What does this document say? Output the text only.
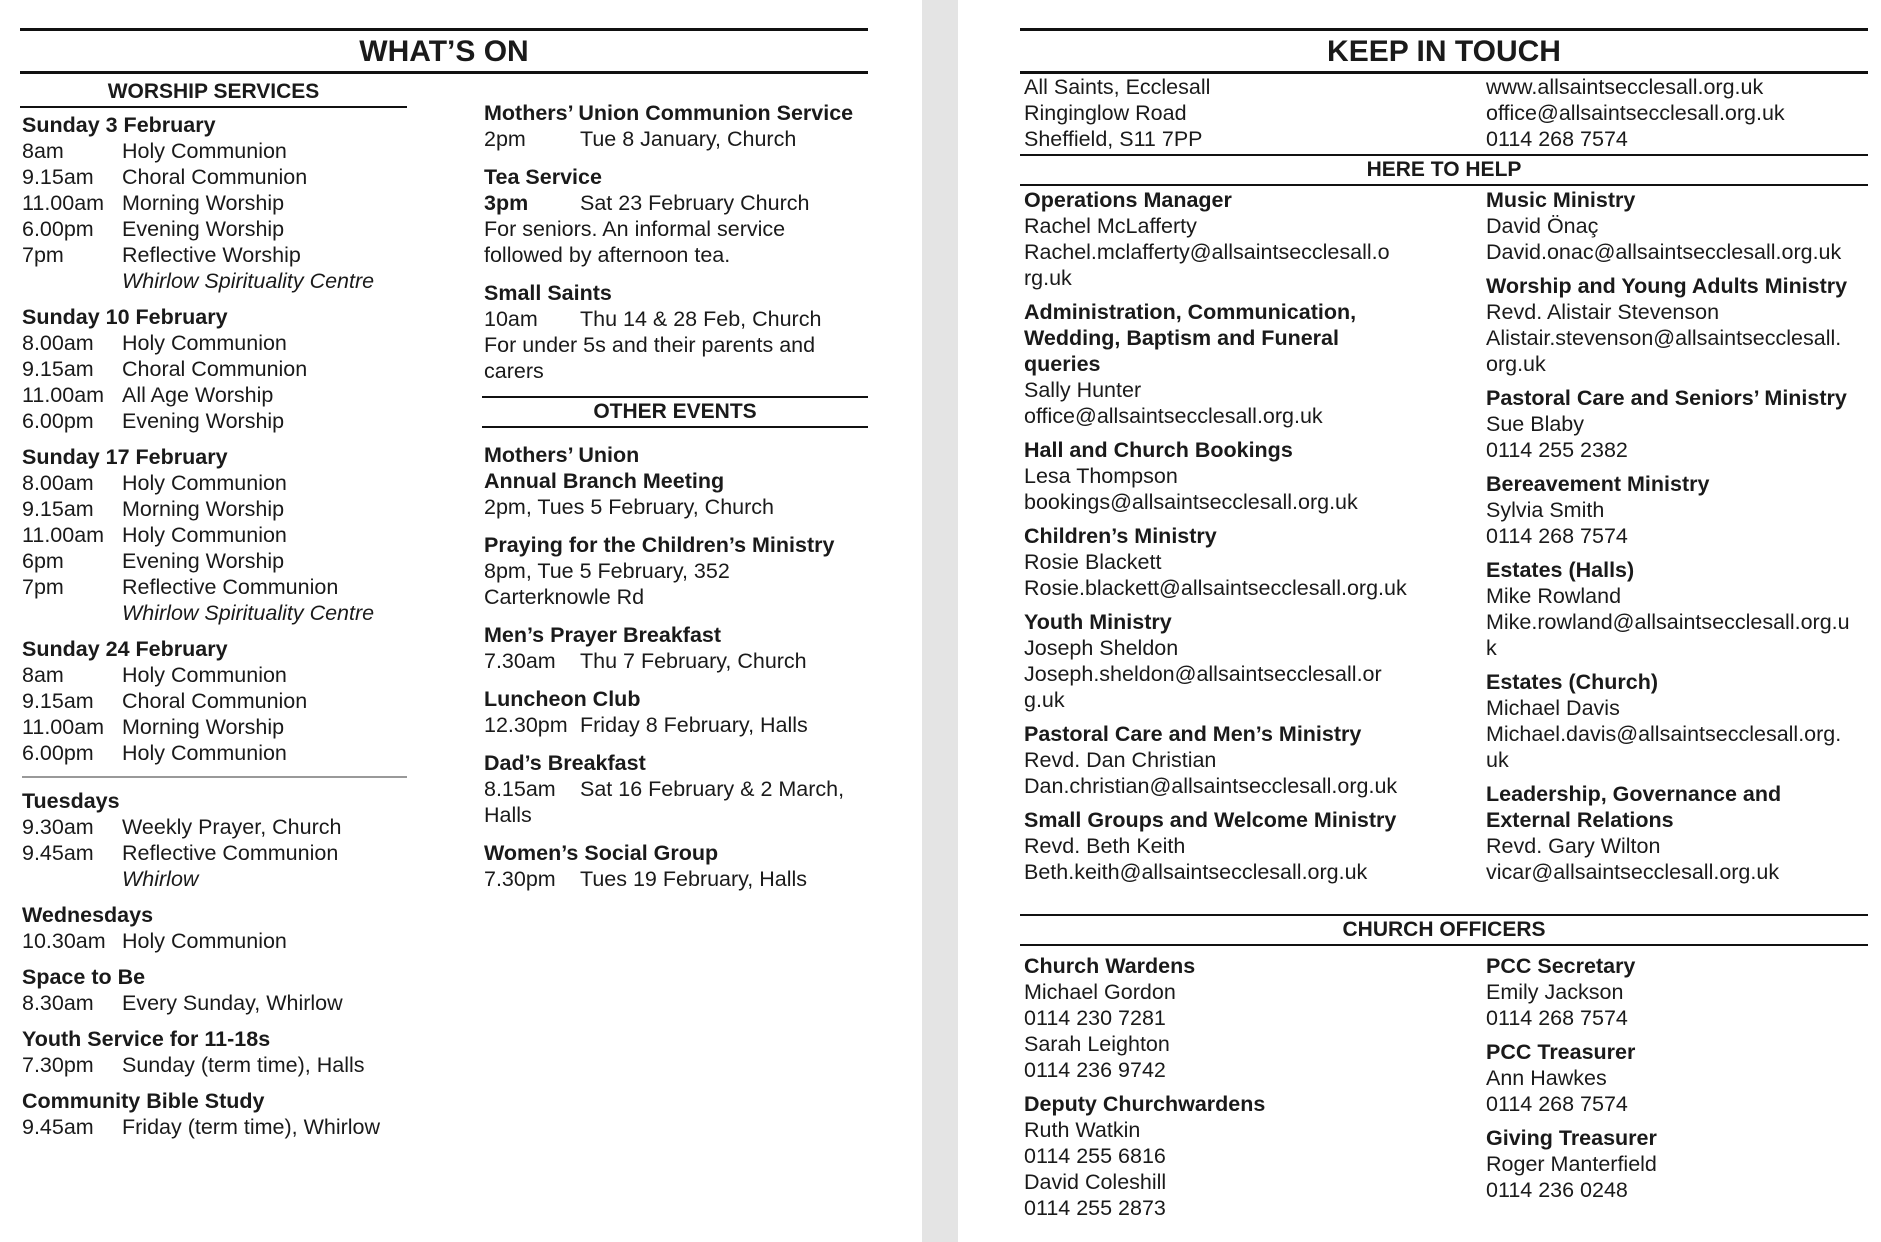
WHAT’S ON
WORSHIP SERVICES
Sunday 3 February
8am	Holy Communion
9.15am	Choral Communion
11.00am Morning Worship
6.00pm	Evening Worship
7pm	Reflective Worship
Whirlow Spirituality Centre
Sunday 10 February
8.00am	Holy Communion
9.15am	Choral Communion
11.00am All Age Worship
6.00pm	Evening Worship
Sunday 17 February
8.00am	Holy Communion
9.15am	Morning Worship
11.00am Holy Communion
6pm	Evening Worship
7pm	Reflective Communion
Whirlow Spirituality Centre
Sunday 24 February
8am	Holy Communion
9.15am	Choral Communion
11.00am Morning Worship
6.00pm	Holy Communion
Tuesdays
9.30am	Weekly Prayer, Church
9.45am	Reflective Communion
Whirlow
Wednesdays
10.30am Holy Communion
Space to Be
8.30am	Every Sunday, Whirlow
Youth Service for 11-18s
7.30pm	Sunday (term time), Halls
Community Bible Study
9.45am	Friday (term time), Whirlow
Mothers’ Union Communion Service
2pm	Tue 8 January, Church
Tea Service
3pm	Sat 23 February Church
For seniors. An informal service followed by afternoon tea.
Small Saints
10am	Thu 14 & 28 Feb, Church
For under 5s and their parents and carers
OTHER EVENTS
Mothers’ Union
Annual Branch Meeting
2pm, Tues 5 February, Church
Praying for the Children’s Ministry
8pm, Tue 5 February, 352
Carterknowle Rd
Men’s Prayer Breakfast
7.30am	Thu 7 February, Church
Luncheon Club
12.30pm Friday 8 February, Halls
Dad’s Breakfast
8.15am	Sat 16 February & 2 March,
Halls
Women’s Social Group
7.30pm	Tues 19 February, Halls
KEEP IN TOUCH
All Saints, Ecclesall
Ringinglow Road
Sheffield, S11 7PP
www.allsaintsecclesall.org.uk
office@allsaintsecclesall.org.uk
0114 268 7574
HERE TO HELP
Operations Manager
Rachel McLafferty
Rachel.mclafferty@allsaintsecclesall.o
rg.uk
Administration, Communication,
Wedding, Baptism and Funeral
queries
Sally Hunter
office@allsaintsecclesall.org.uk
Hall and Church Bookings
Lesa Thompson
bookings@allsaintsecclesall.org.uk
Children’s Ministry
Rosie Blackett
Rosie.blackett@allsaintsecclesall.org.uk
Youth Ministry
Joseph Sheldon
Joseph.sheldon@allsaintsecclesall.or
g.uk
Pastoral Care and Men’s Ministry
Revd. Dan Christian
Dan.christian@allsaintsecclesall.org.uk
Small Groups and Welcome Ministry
Revd. Beth Keith
Beth.keith@allsaintsecclesall.org.uk
Music Ministry
David Önaç
David.onac@allsaintsecclesall.org.uk
Worship and Young Adults Ministry
Revd. Alistair Stevenson
Alistair.stevenson@allsaintsecclesall.
org.uk
Pastoral Care and Seniors’ Ministry
Sue Blaby
0114 255 2382
Bereavement Ministry
Sylvia Smith
0114 268 7574
Estates (Halls)
Mike Rowland
Mike.rowland@allsaintsecclesall.org.u
k
Estates (Church)
Michael Davis
Michael.davis@allsaintsecclesall.org.
uk
Leadership, Governance and
External Relations
Revd. Gary Wilton
vicar@allsaintsecclesall.org.uk
CHURCH OFFICERS
Church Wardens
Michael Gordon
0114 230 7281
Sarah Leighton
0114 236 9742
Deputy Churchwardens
Ruth Watkin
0114 255 6816
David Coleshill
0114 255 2873
PCC Secretary
Emily Jackson
0114 268 7574
PCC Treasurer
Ann Hawkes
0114 268 7574
Giving Treasurer
Roger Manterfield
0114 236 0248
